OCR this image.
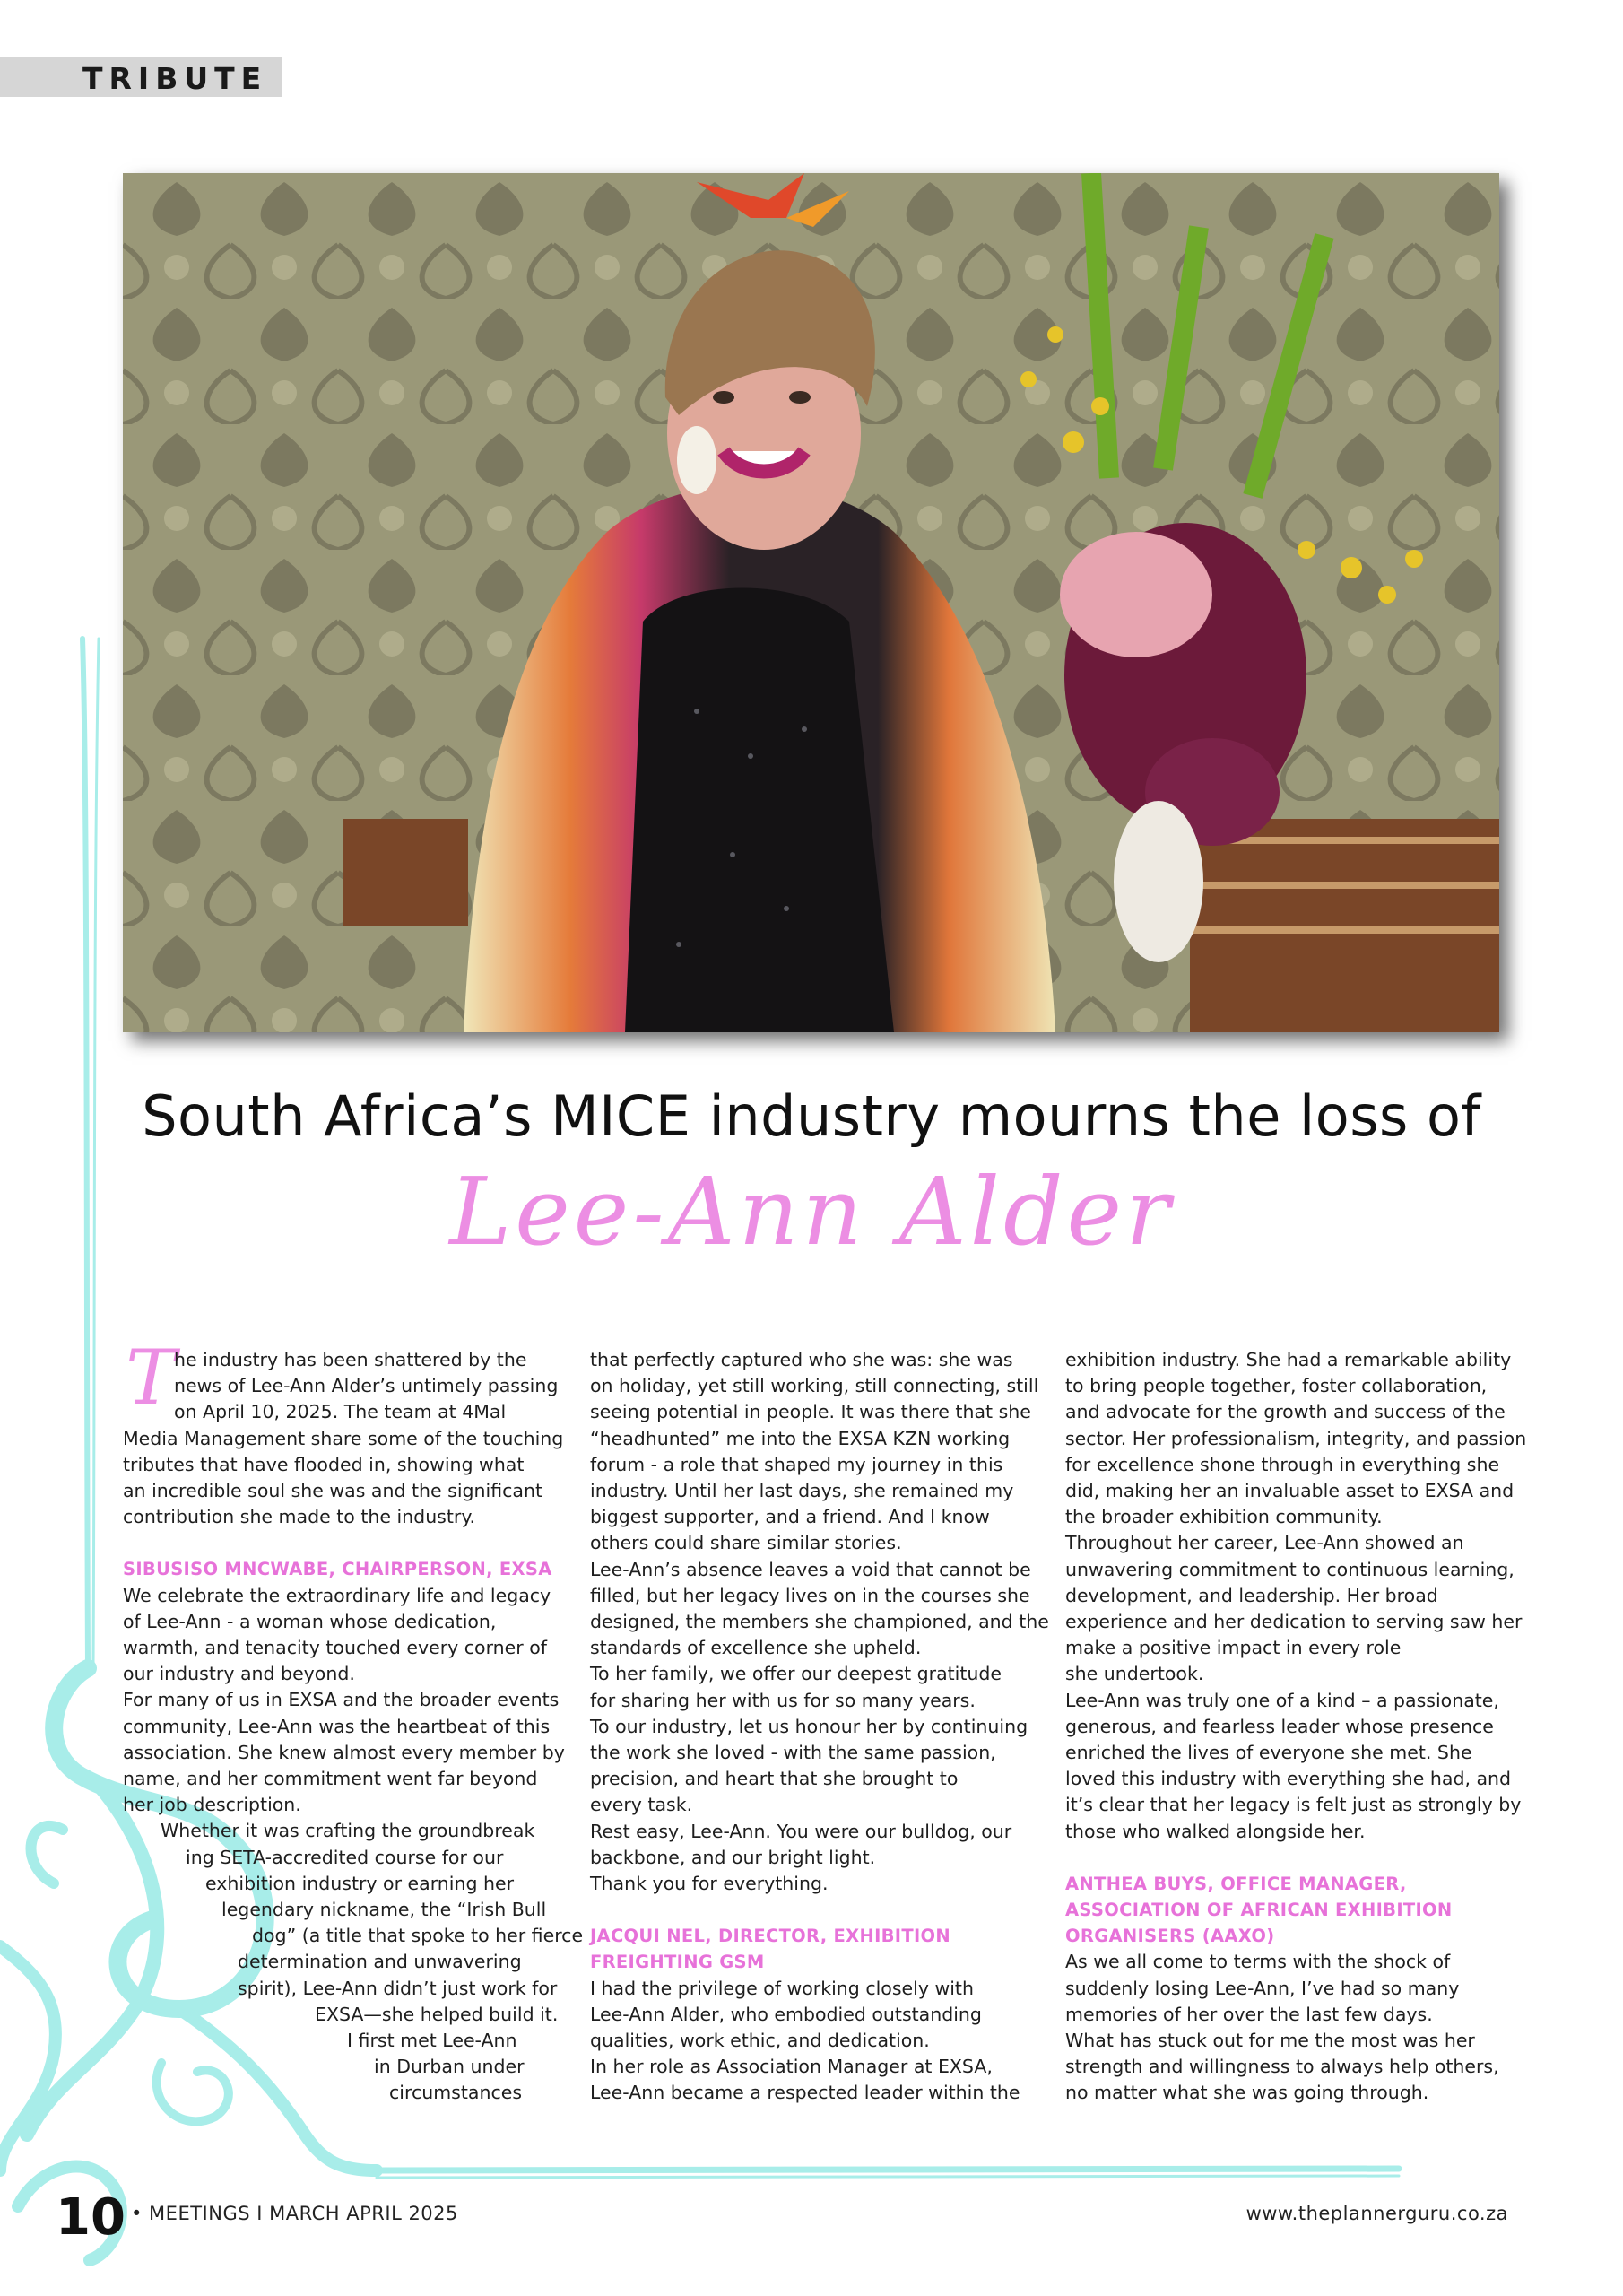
TRIBUTE
South Africa’s MICE industry mourns the loss of
Lee-Ann Alder
T

he industry has been shattered by the

news of Lee-Ann Alder’s untimely passing

on April 10, 2025. The team at 4Mal

Media Management share some of the touching

tributes that have flooded in, showing what

an incredible soul she was and the significant

contribution she made to the industry.

SIBUSISO MNCWABE, CHAIRPERSON, EXSA

We celebrate the extraordinary life and legacy

of Lee-Ann - a woman whose dedication,

warmth, and tenacity touched every corner of

our industry and beyond.

For many of us in EXSA and the broader events

community, Lee-Ann was the heartbeat of this

association. She knew almost every member by

name, and her commitment went far beyond

her job description.

Whether it was crafting the groundbreak

ing SETA-accredited course for our

exhibition industry or earning her

legendary nickname, the “Irish Bull

dog” (a title that spoke to her fierce

determination and unwavering

spirit), Lee-Ann didn’t just work for

EXSA—she helped build it.

I first met Lee-Ann

in Durban under

circumstances

that perfectly captured who she was: she was

on holiday, yet still working, still connecting, still

seeing potential in people. It was there that she

“headhunted” me into the EXSA KZN working

forum - a role that shaped my journey in this

industry. Until her last days, she remained my

biggest supporter, and a friend. And I know

others could share similar stories.

Lee-Ann’s absence leaves a void that cannot be

filled, but her legacy lives on in the courses she

designed, the members she championed, and the

standards of excellence she upheld.

To her family, we offer our deepest gratitude

for sharing her with us for so many years.

To our industry, let us honour her by continuing

the work she loved - with the same passion,

precision, and heart that she brought to

every task.

Rest easy, Lee-Ann. You were our bulldog, our

backbone, and our bright light.

Thank you for everything.

JACQUI NEL, DIRECTOR, EXHIBITION

FREIGHTING GSM

I had the privilege of working closely with

Lee-Ann Alder, who embodied outstanding

qualities, work ethic, and dedication.

In her role as Association Manager at EXSA,

Lee-Ann became a respected leader within the

exhibition industry. She had a remarkable ability

to bring people together, foster collaboration,

and advocate for the growth and success of the

sector. Her professionalism, integrity, and passion

for excellence shone through in everything she

did, making her an invaluable asset to EXSA and

the broader exhibition community.

Throughout her career, Lee-Ann showed an

unwavering commitment to continuous learning,

development, and leadership. Her broad

experience and her dedication to serving saw her

make a positive impact in every role

she undertook.

Lee-Ann was truly one of a kind – a passionate,

generous, and fearless leader whose presence

enriched the lives of everyone she met. She

loved this industry with everything she had, and

it’s clear that her legacy is felt just as strongly by

those who walked alongside her.

ANTHEA BUYS, OFFICE MANAGER,

ASSOCIATION OF AFRICAN EXHIBITION

ORGANISERS (AAXO)

As we all come to terms with the shock of

suddenly losing Lee-Ann, I’ve had so many

memories of her over the last few days.

What has stuck out for me the most was her

strength and willingness to always help others,

no matter what she was going through.

10 • MEETINGS I MARCH APRIL 2025	www.theplannerguru.co.za
